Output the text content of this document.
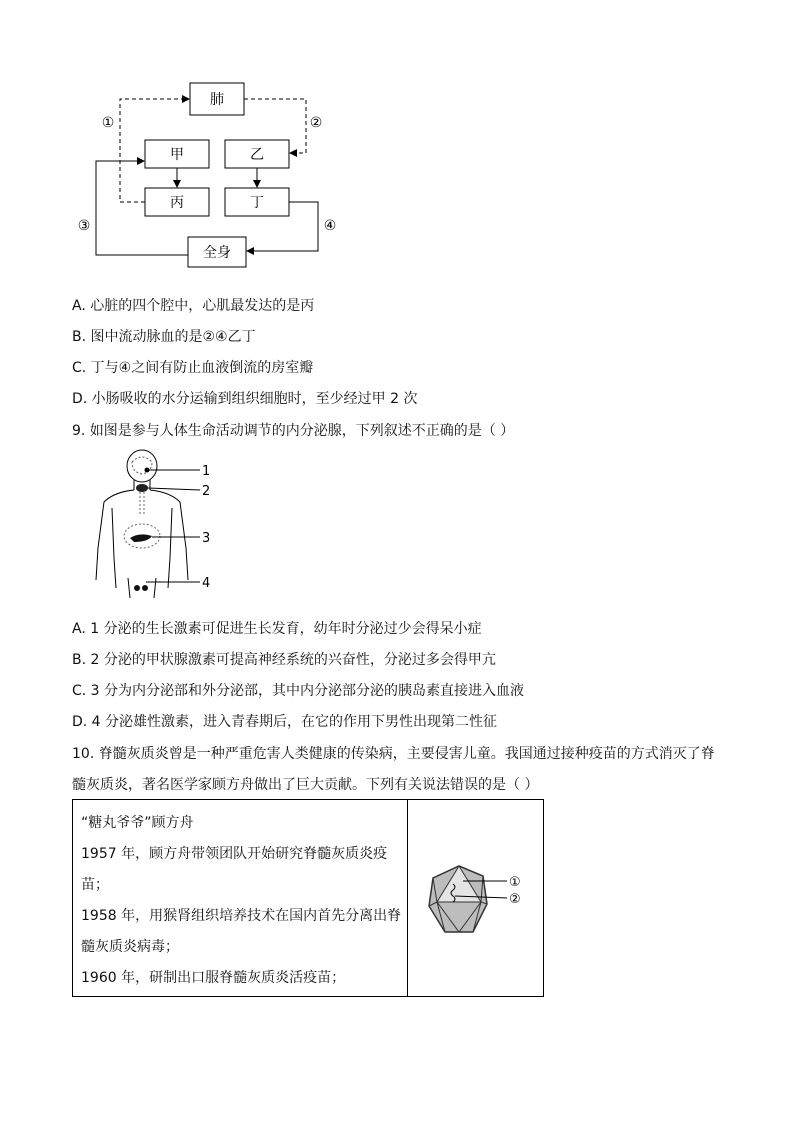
肺
甲	乙
丙	丁
全身
①	②
③	④
A. 心脏的四个腔中，心肌最发达的是丙
B. 图中流动脉血的是②④乙丁
C. 丁与④之间有防止血液倒流的房室瓣
D. 小肠吸收的水分运输到组织细胞时，至少经过甲 2 次
9. 如图是参与人体生命活动调节的内分泌腺，下列叙述不正确的是（ ）
1
2
3
4
A. 1 分泌的生长激素可促进生长发育，幼年时分泌过少会得呆小症
B. 2 分泌的甲状腺激素可提高神经系统的兴奋性，分泌过多会得甲亢
C. 3 分为内分泌部和外分泌部，其中内分泌部分泌的胰岛素直接进入血液
D. 4 分泌雄性激素，进入青春期后，在它的作用下男性出现第二性征
10. 脊髓灰质炎曾是一种严重危害人类健康的传染病，主要侵害儿童。我国通过接种疫苗的方式消灭了脊
髓灰质炎，著名医学家顾方舟做出了巨大贡献。下列有关说法错误的是（ ）
“糖丸爷爷”顾方舟
1957 年，顾方舟带领团队开始研究脊髓灰质炎疫
苗；
1958 年，用猴肾组织培养技术在国内首先分离出脊
髓灰质炎病毒；
1960 年，研制出口服脊髓灰质炎活疫苗；
①
②
